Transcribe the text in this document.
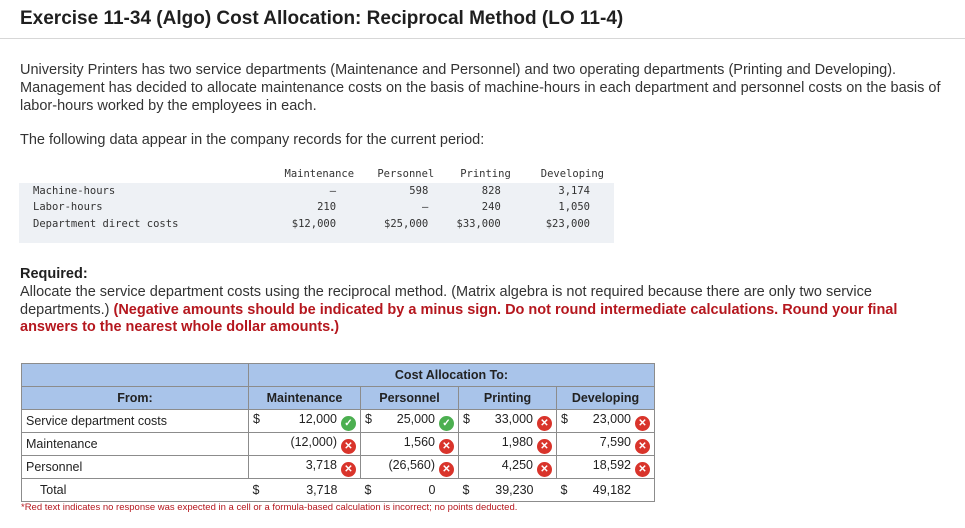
Exercise 11-34 (Algo) Cost Allocation: Reciprocal Method (LO 11-4)
University Printers has two service departments (Maintenance and Personnel) and two operating departments (Printing and Developing). Management has decided to allocate maintenance costs on the basis of machine-hours in each department and personnel costs on the basis of labor-hours worked by the employees in each.
The following data appear in the company records for the current period:
	Maintenance	Personnel	Printing	Developing
Machine-hours	–	598	828	3,174
Labor-hours	210	–	240	1,050
Department direct costs	$12,000	$25,000	$33,000	$23,000

Required:
Allocate the service department costs using the reciprocal method. (Matrix algebra is not required because there are only two service departments.) (Negative amounts should be indicated by a minus sign. Do not round intermediate calculations. Round your final answers to the nearest whole dollar amounts.)
	Cost Allocation To:			
From:	Maintenance	Personnel	Printing	Developing
Service department costs	$ 12,000 ✓	$ 25,000 ✓	$ 33,000 ✕	$ 23,000 ✕
Maintenance	(12,000) ✕	1,560 ✕	1,980 ✕	7,590 ✕
Personnel	3,718 ✕	(26,560) ✕	4,250 ✕	18,592 ✕
Total	$ 3,718	$ 0	$ 39,230	$ 49,182
*Red text indicates no response was expected in a cell or a formula-based calculation is incorrect; no points deducted.
